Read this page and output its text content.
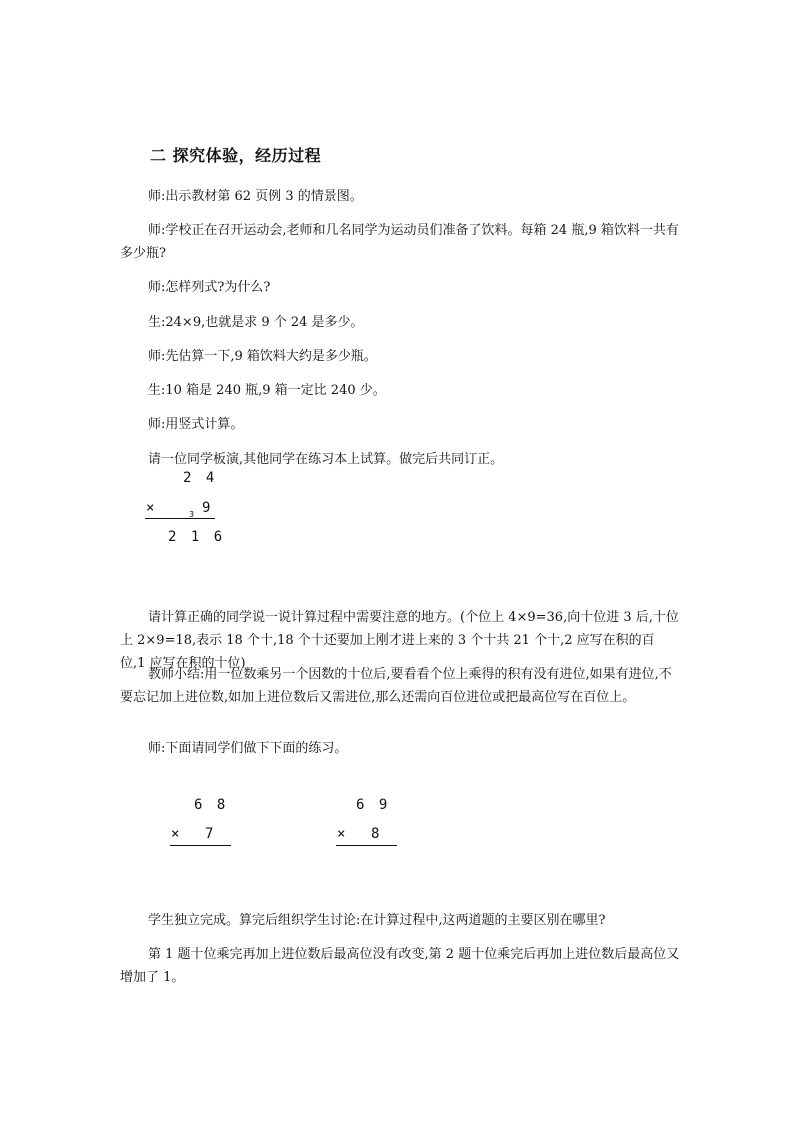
二 探究体验，经历过程
师:出示教材第 62 页例 3 的情景图。
师:学校正在召开运动会,老师和几名同学为运动员们准备了饮料。每箱 24 瓶,9 箱饮料一共有多少瓶?
师:怎样列式?为什么?
生:24×9,也就是求 9 个 24 是多少。
师:先估算一下,9 箱饮料大约是多少瓶。
生:10 箱是 240 瓶,9 箱一定比 240 少。
师:用竖式计算。
请一位同学板演,其他同学在练习本上试算。做完后共同订正。
2 4
×	3 9
2 1 6
请计算正确的同学说一说计算过程中需要注意的地方。(个位上 4×9=36,向十位进 3 后,十位上 2×9=18,表示 18 个十,18 个十还要加上刚才进上来的 3 个十共 21 个十,2 应写在积的百位,1 应写在积的十位)
教师小结:用一位数乘另一个因数的十位后,要看看个位上乘得的积有没有进位,如果有进位,不要忘记加上进位数,如加上进位数后又需进位,那么还需向百位进位或把最高位写在百位上。
师:下面请同学们做下下面的练习。
6 8
× 7
6 9
× 8
学生独立完成。算完后组织学生讨论:在计算过程中,这两道题的主要区别在哪里?
第 1 题十位乘完再加上进位数后最高位没有改变,第 2 题十位乘完后再加上进位数后最高位又增加了 1。
